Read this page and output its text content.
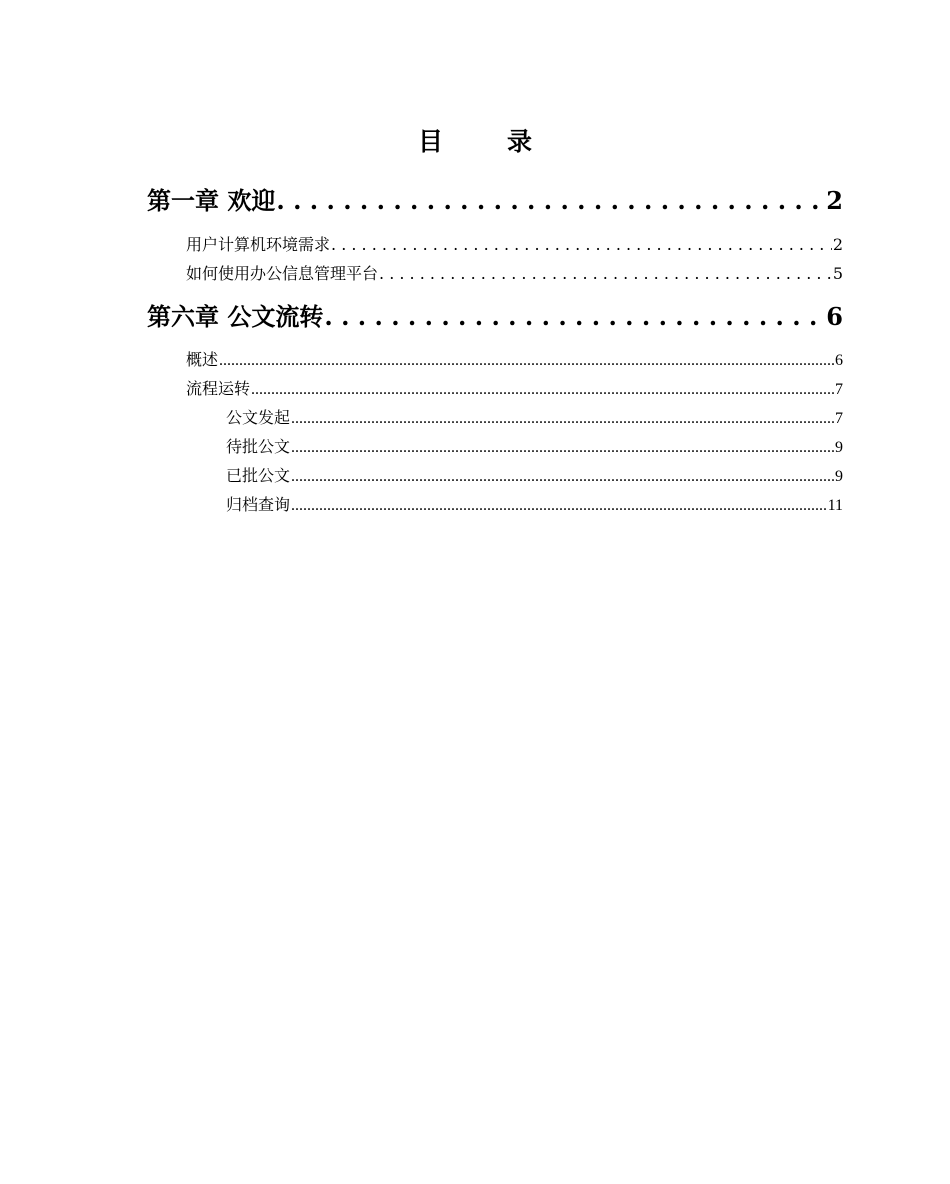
目	录
第一章 欢迎 . . .	2
用户计算机环境需求 . . .	2
如何使用办公信息管理平台 . . .	5
第六章 公文流转 . . .	6
概述 .....	6
流程运转 .....	7
公文发起 .....	7
待批公文 .....	9
已批公文 .....	9
归档查询 .....	11
